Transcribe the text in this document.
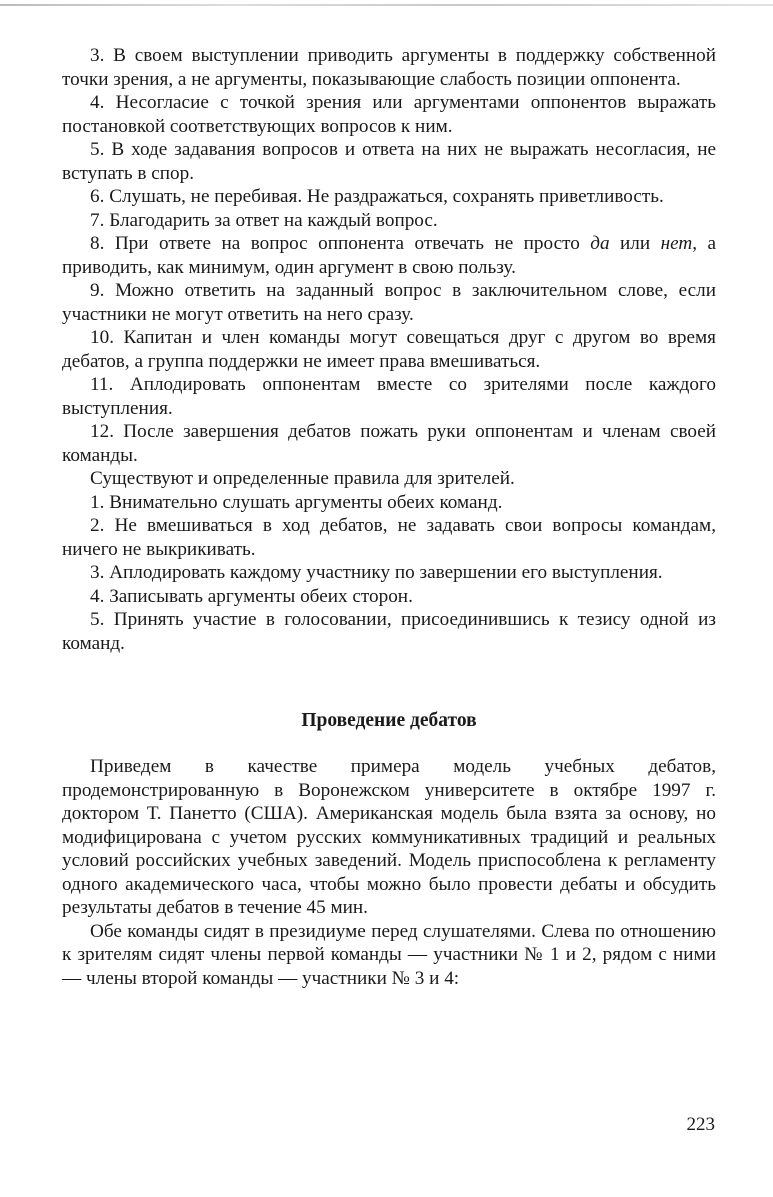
3. В своем выступлении приводить аргументы в поддержку собственной точки зрения, а не аргументы, показывающие слабость позиции оппонента.

4. Несогласие с точкой зрения или аргументами оппонентов выражать постановкой соответствующих вопросов к ним.

5. В ходе задавания вопросов и ответа на них не выражать несогласия, не вступать в спор.

6. Слушать, не перебивая. Не раздражаться, сохранять приветливость.

7. Благодарить за ответ на каждый вопрос.

8. При ответе на вопрос оппонента отвечать не просто да или нет, а приводить, как минимум, один аргумент в свою пользу.

9. Можно ответить на заданный вопрос в заключительном слове, если участники не могут ответить на него сразу.

10. Капитан и член команды могут совещаться друг с другом во время дебатов, а группа поддержки не имеет права вмешиваться.

11. Аплодировать оппонентам вместе со зрителями после каждого выступления.

12. После завершения дебатов пожать руки оппонентам и членам своей команды.

Существуют и определенные правила для зрителей.

1. Внимательно слушать аргументы обеих команд.

2. Не вмешиваться в ход дебатов, не задавать свои вопросы командам, ничего не выкрикивать.

3. Аплодировать каждому участнику по завершении его выступления.

4. Записывать аргументы обеих сторон.

5. Принять участие в голосовании, присоединившись к тезису одной из команд.

Проведение дебатов

Приведем в качестве примера модель учебных дебатов, продемонстрированную в Воронежском университете в октябре 1997 г. доктором Т. Панетто (США). Американская модель была взята за основу, но модифицирована с учетом русских коммуникативных традиций и реальных условий российских учебных заведений. Модель приспособлена к регламенту одного академического часа, чтобы можно было провести дебаты и обсудить результаты дебатов в течение 45 мин.

Обе команды сидят в президиуме перед слушателями. Слева по отношению к зрителям сидят члены первой команды — участники № 1 и 2, рядом с ними — члены второй команды — участники № 3 и 4:

223
